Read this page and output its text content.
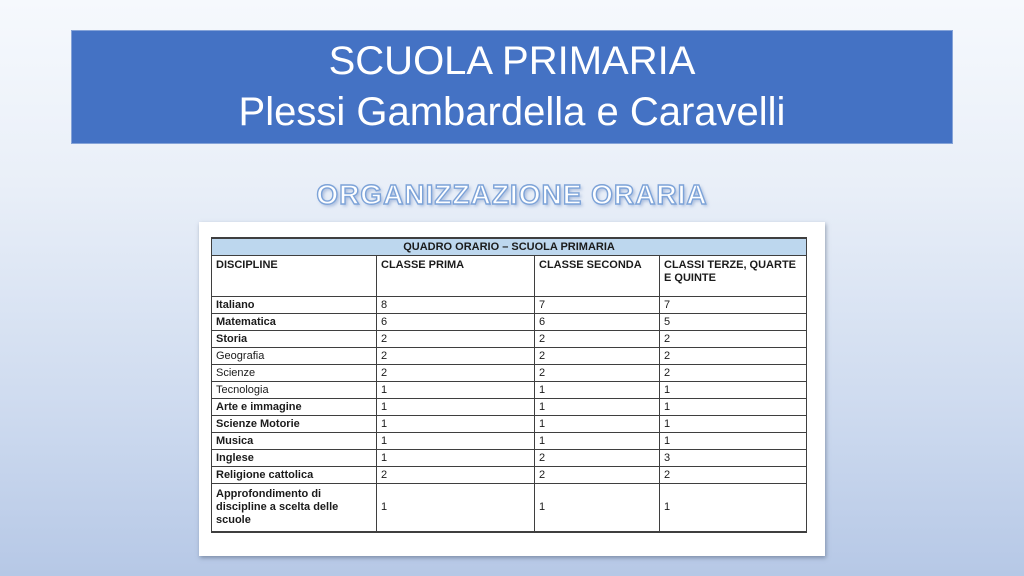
SCUOLA PRIMARIA
Plessi Gambardella e Caravelli
ORGANIZZAZIONE ORARIA
QUADRO ORARIO – SCUOLA PRIMARIA			
DISCIPLINE	CLASSE PRIMA	CLASSE SECONDA	CLASSI TERZE, QUARTE E QUINTE
Italiano	8	7	7
Matematica	6	6	5
Storia	2	2	2
Geografia	2	2	2
Scienze	2	2	2
Tecnologia	1	1	1
Arte e immagine	1	1	1
Scienze Motorie	1	1	1
Musica	1	1	1
Inglese	1	2	3
Religione cattolica	2	2	2
Approfondimento di discipline a scelta delle scuole	1	1	1
